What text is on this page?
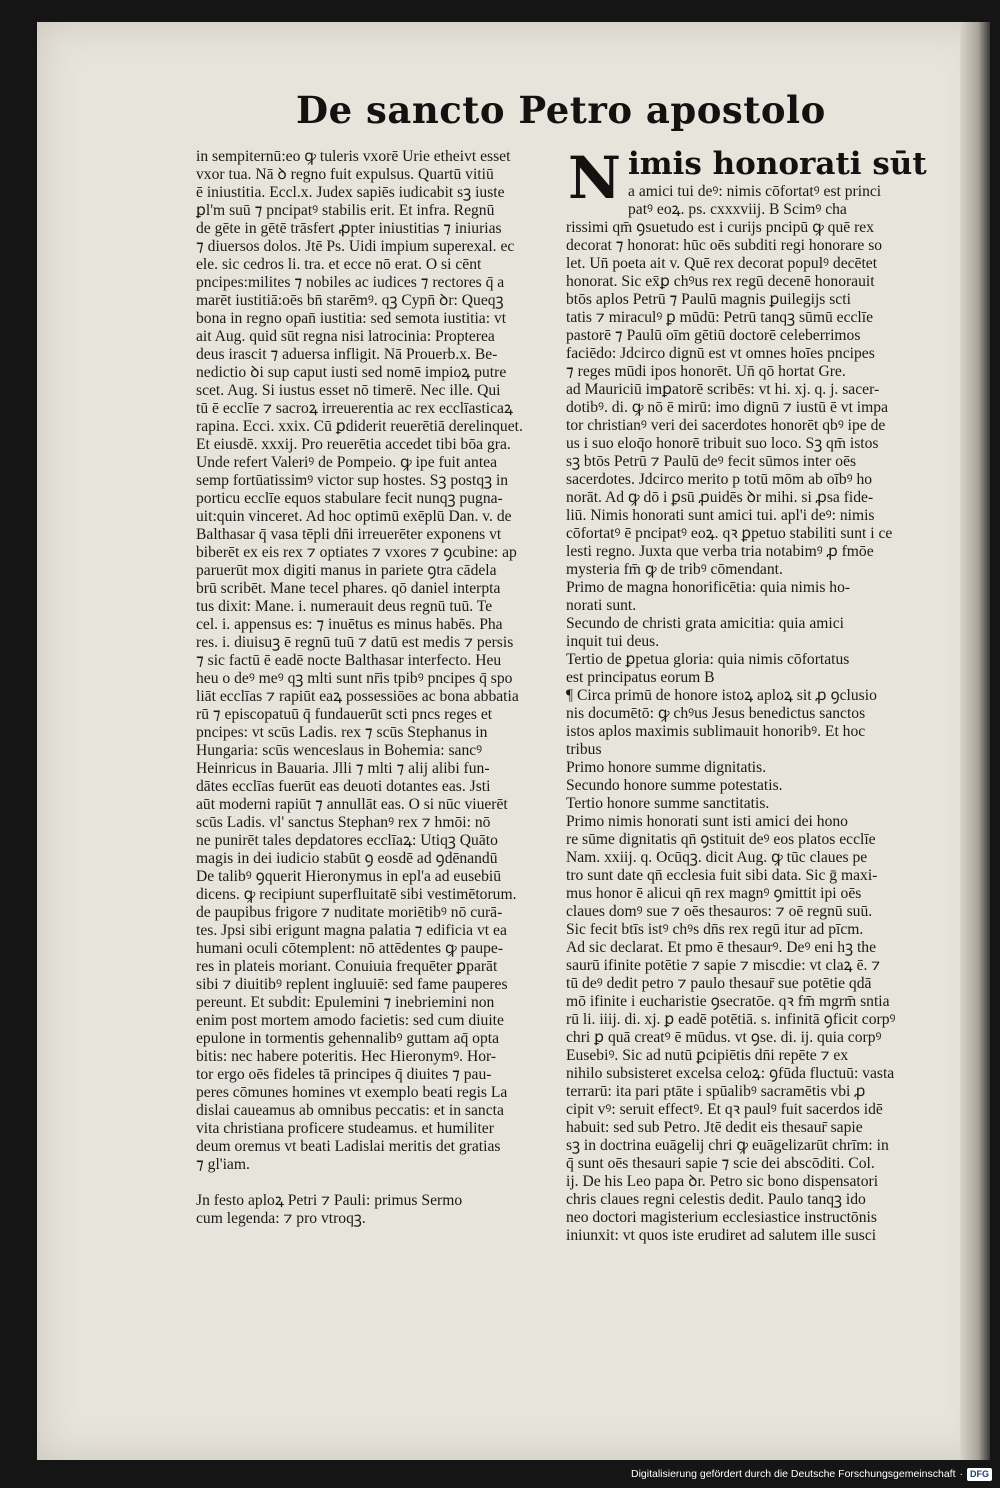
De sancto Petro apostolo
in sempiternū:eo ꝙ tuleris vxorē Urie etheivt esset
vxor tua. Nā ꝺ regno fuit expulsus. Quartū vitiū
ē iniustitia. Eccl.x. Judex sapiēs iudicabit sꝫ iuste
ꝑl'm suū ⁊ pncipatꝰ stabilis erit. Et infra. Regnū
de gēte in gētē trāsfert ꝓpter iniustitias ⁊ iniurias
⁊ diuersos dolos. Jtē Ps. Uidi impium superexal. ec
ele. sic cedros li. tra. et ecce nō erat. O si cēnt
pncipes:milites ⁊ nobiles ac iudices ⁊ rectores q̄ a
marēt iustitiā:oēs bn̄ starēmꝰ. qꝫ Cypn̄ ꝺr: Queqꝫ
bona in regno opan̄ iustitia: sed semota iustitia: vt
ait Aug. quid sūt regna nisi latrocinia: Propterea
deus irascit ⁊ aduersa infligit. Nā Prouerb.x. Be-
nedictio ꝺi sup caput iusti sed nomē impioꝝ putre
scet. Aug. Si iustus esset nō timerē. Nec ille. Qui
tū ē ecclīe ⁊ sacroꝝ irreuerentia ac rex ecclīasticaꝝ
rapina. Ecci. xxix. Cū ꝑdiderit reuerētiā derelinquet.
Et eiusdē. xxxij. Pro reuerētia accedet tibi bōa gra.
Unde refert Valeriꝰ de Pompeio. ꝙ ipe fuit antea
semp fortūatissimꝰ victor sup hostes. Sꝫ postqꝫ in
porticu ecclīe equos stabulare fecit nunqꝫ pugna-
uit:quin vinceret. Ad hoc optimū exēplū Dan. v. de
Balthasar q̄ vasa tēpli dn̄i irreuerēter exponens vt
biberēt ex eis rex ⁊ optiates ⁊ vxores ⁊ ꝯcubine: ap
paruerūt mox digiti manus in pariete ꝯtra cādela
brū scribēt. Mane tecel phares. qō daniel interpta
tus dixit: Mane. i. numerauit deus regnū tuū. Te
cel. i. appensus es: ⁊ inuētus es minus habēs. Pha
res. i. diuisuꝫ ē regnū tuū ⁊ datū est medis ⁊ persis
⁊ sic factū ē eadē nocte Balthasar interfecto. Heu
heu o deꝰ meꝰ qꝫ mlti sunt nr̄is tpibꝰ pncipes q̄ spo
liāt ecclīas ⁊ rapiūt eaꝝ possessiōes ac bona abbatia
rū ⁊ episcopatuū q̄ fundauerūt scti pncs reges et
pncipes: vt scūs Ladis. rex ⁊ scūs Stephanus in
Hungaria: scūs wenceslaus in Bohemia: sancꝰ
Heinricus in Bauaria. Jlli ⁊ mlti ⁊ alij alibi fun-
dātes ecclīas fuerūt eas deuoti dotantes eas. Jsti
aūt moderni rapiūt ⁊ annullāt eas. O si nūc viuerēt
scūs Ladis. vl' sanctus Stephanꝰ rex ⁊ hmōi: nō
ne punirēt tales depdatores ecclīaꝝ: Utiqꝫ Quāto
magis in dei iudicio stabūt ꝯ eosdē ad ꝯdēnandū
De talibꝰ ꝯquerit Hieronymus in epl'a ad eusebiū
dicens. ꝙ recipiunt superfluitatē sibi vestimētorum.
de paupibus frigore ⁊ nuditate moriētibꝰ nō curā-
tes. Jpsi sibi erigunt magna palatia ⁊ edificia vt ea
humani oculi cōtemplent: nō attēdentes ꝙ paupe-
res in plateis moriant. Conuiuia frequēter ꝑparāt
sibi ⁊ diuitibꝰ replent ingluuiē: sed fame pauperes
pereunt. Et subdit: Epulemini ⁊ inebriemini non
enim post mortem amodo facietis: sed cum diuite
epulone in tormentis gehennalibꝰ guttam aq̄ opta
bitis: nec habere poteritis. Hec Hieronymꝰ. Hor-
tor ergo oēs fideles tā principes q̄ diuites ⁊ pau-
peres cōmunes homines vt exemplo beati regis La
dislai caueamus ab omnibus peccatis: et in sancta
vita christiana proficere studeamus. et humiliter
deum oremus vt beati Ladislai meritis det gratias
⁊ gl'iam.
Jn festo aploꝝ Petri ⁊ Pauli: primus Sermo
cum legenda: ⁊ pro vtroqꝫ.
N imis honorati sūt
a amici tui deꝰ: nimis cōfortatꝰ est princi
patꝰ eoꝝ. ps. cxxxviij. B Scimꝰ cha
rissimi qm̄ ꝯsuetudo est i curijs pncipū ꝙ quē rex
decorat ⁊ honorat: hūc oēs subditi regi honorare so
let. Un̄ poeta ait v. Quē rex decorat populꝰ decētet
honorat. Sic ex̄ꝑ chꝰus rex regū decenē honorauit
btōs aplos Petrū ⁊ Paulū magnis ꝑuilegijs scti
tatis ⁊ miraculꝰ ꝑ mūdū: Petrū tanqꝫ sūmū ecclīe
pastorē ⁊ Paulū oīm gētiū doctorē celeberrimos
faciēdo: Jdcirco dignū est vt omnes hoīes pncipes
⁊ reges mūdi ipos honorēt. Un̄ qō hortat Gre.
ad Mauriciū imꝑatorē scribēs: vt hi. xj. q. j. sacer-
dotibꝰ. di. ꝙ nō ē mirū: imo dignū ⁊ iustū ē vt impa
tor christianꝰ veri dei sacerdotes honorēt qbꝰ ipe de
us i suo eloq̄o honorē tribuit suo loco. Sꝫ qm̄ istos
sꝫ btōs Petrū ⁊ Paulū deꝰ fecit sūmos inter oēs
sacerdotes. Jdcirco merito p totū mōm ab oībꝰ ho
norāt. Ad ꝙ dō i ꝑsū ꝓuidēs ꝺr mihi. si ꝓsa fide-
liū. Nimis honorati sunt amici tui. apl'i deꝰ: nimis
cōfortatꝰ ē pncipatꝰ eoꝝ. qꝛ ꝑpetuo stabiliti sunt i ce
lesti regno. Juxta que verba tria notabimꝰ ꝓ fmōe
mysteria fm̄ ꝙ de tribꝰ cōmendant.
Primo de magna honorificētia: quia nimis ho-
norati sunt.
Secundo de christi grata amicitia: quia amici
inquit tui deus.
Tertio de ꝑpetua gloria: quia nimis cōfortatus
est principatus eorum B
¶ Circa primū de honore istoꝝ aploꝝ sit ꝓ ꝯclusio
nis documētō: ꝙ chꝰus Jesus benedictus sanctos
istos aplos maximis sublimauit honoribꝰ. Et hoc
tribus
Primo honore summe dignitatis.
Secundo honore summe potestatis.
Tertio honore summe sanctitatis.
Primo nimis honorati sunt isti amici dei hono
re sūme dignitatis qn̄ ꝯstituit deꝰ eos platos ecclīe
Nam. xxiij. q. Ocūqꝫ. dicit Aug. ꝙ tūc claues pe
tro sunt date qn̄ ecclesia fuit sibi data. Sic ḡ maxi-
mus honor ē alicui qn̄ rex magnꝰ ꝯmittit ipi oēs
claues domꝰ sue ⁊ oēs thesauros: ⁊ oē regnū suū.
Sic fecit btīs istꝰ chꝰs dn̄s rex regū itur ad pīcm.
Ad sic declarat. Et pmo ē thesaurꝰ. Deꝰ eni hꝫ the
saurū ifinite potētie ⁊ sapie ⁊ miscdie: vt claꝝ ē. ⁊
tū deꝰ dedit petro ⁊ paulo thesaur̄ sue potētie qdā
mō ifinite i eucharistie ꝯsecratōe. qꝛ fm̄ mgrm̄ sntia
rū li. iiij. di. xj. ꝑ eadē potētiā. s. infinitā ꝯficit corpꝰ
chri ꝑ quā creatꝰ ē mūdus. vt ꝯse. di. ij. quia corpꝰ
Eusebiꝰ. Sic ad nutū ꝑcipiētis dn̄i repēte ⁊ ex
nihilo subsisteret excelsa celoꝝ: ꝯfūda fluctuū: vasta
terrarū: ita pari ptāte i spūalibꝰ sacramētis vbi ꝓ
cipit vꝰ: seruit effectꝰ. Et qꝛ paulꝰ fuit sacerdos idē
habuit: sed sub Petro. Jtē dedit eis thesaur̄ sapie
sꝫ in doctrina euāgelij chri ꝙ euāgelizarūt chrīm: in
q̄ sunt oēs thesauri sapie ⁊ scie dei abscōditi. Col.
ij. De his Leo papa ꝺr. Petro sic bono dispensatori
chris claues regni celestis dedit. Paulo tanqꝫ ido
neo doctori magisterium ecclesiastice instructōnis
iniunxit: vt quos iste erudiret ad salutem ille susci
Digitalisierung gefördert durch die Deutsche Forschungsgemeinschaft · DFG
